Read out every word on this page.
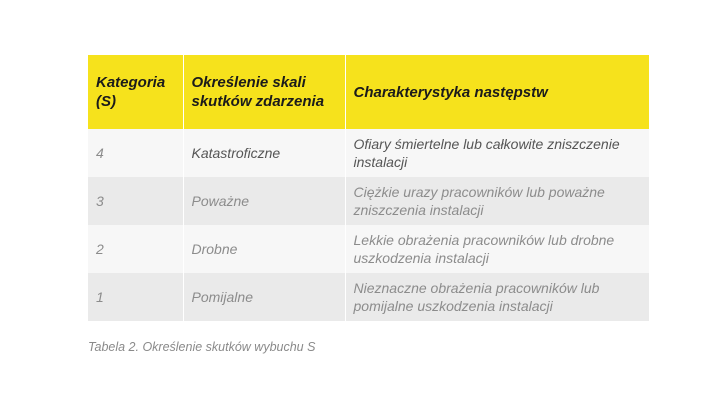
Kategoria (S)	Określenie skali skutków zdarzenia	Charakterystyka następstw
4	Katastroficzne	Ofiary śmiertelne lub całkowite zniszczenie instalacji
3	Poważne	Ciężkie urazy pracowników lub poważne zniszczenia instalacji
2	Drobne	Lekkie obrażenia pracowników lub drobne uszkodzenia instalacji
1	Pomijalne	Nieznaczne obrażenia pracowników lub pomijalne uszkodzenia instalacji
Tabela 2. Określenie skutków wybuchu S
